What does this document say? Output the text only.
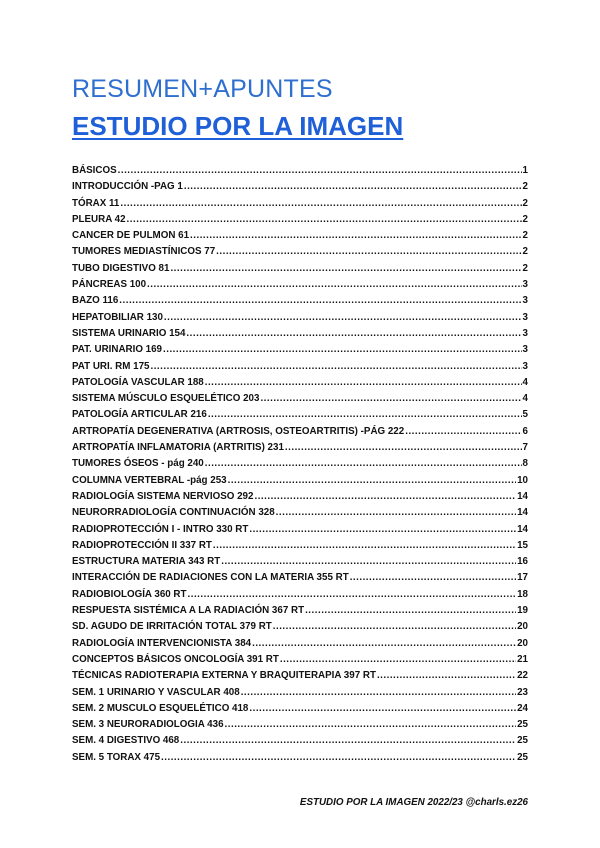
RESUMEN+APUNTES
ESTUDIO POR LA IMAGEN
BÁSICOS .....	1
INTRODUCCIÓN -PAG 1 .....	2
TÓRAX 11 .....	2
PLEURA 42 .....	2
CANCER DE PULMON 61 .....	2
TUMORES MEDIASTÍNICOS 77 .....	2
TUBO DIGESTIVO 81 .....	2
PÁNCREAS 100 .....	3
BAZO 116 .....	3
HEPATOBILIAR 130 .....	3
SISTEMA URINARIO 154 .....	3
PAT. URINARIO 169 .....	3
PAT URI. RM 175 .....	3
PATOLOGÍA VASCULAR 188 .....	4
SISTEMA MÚSCULO ESQUELÉTICO 203 .....	4
PATOLOGÍA ARTICULAR 216 .....	5
ARTROPATÍA DEGENERATIVA (ARTROSIS, OSTEOARTRITIS) -PÁG 222 .....	6
ARTROPATÍA INFLAMATORIA (ARTRITIS) 231 .....	7
TUMORES ÓSEOS - pág 240 .....	8
COLUMNA VERTEBRAL -pág 253 .....	10
RADIOLOGÍA SISTEMA NERVIOSO 292 .....	14
NEURORRADIOLOGÍA CONTINUACIÓN 328 .....	14
RADIOPROTECCIÓN I - INTRO 330 RT .....	14
RADIOPROTECCIÓN II 337 RT .....	15
ESTRUCTURA MATERIA 343 RT .....	16
INTERACCIÓN DE RADIACIONES CON LA MATERIA 355 RT .....	17
RADIOBIOLOGÍA 360 RT .....	18
RESPUESTA SISTÉMICA A LA RADIACIÓN 367 RT .....	19
SD. AGUDO DE IRRITACIÓN TOTAL 379 RT .....	20
RADIOLOGÍA INTERVENCIONISTA 384 .....	20
CONCEPTOS BÁSICOS ONCOLOGÍA 391 RT .....	21
TÉCNICAS RADIOTERAPIA EXTERNA Y BRAQUITERAPIA 397 RT .....	22
SEM. 1 URINARIO Y VASCULAR 408 .....	23
SEM. 2 MUSCULO ESQUELÉTICO 418 .....	24
SEM. 3 NEURORADIOLOGIA 436 .....	25
SEM. 4 DIGESTIVO 468 .....	25
SEM. 5 TORAX 475 .....	25
ESTUDIO POR LA IMAGEN 2022/23 @charls.ez26
